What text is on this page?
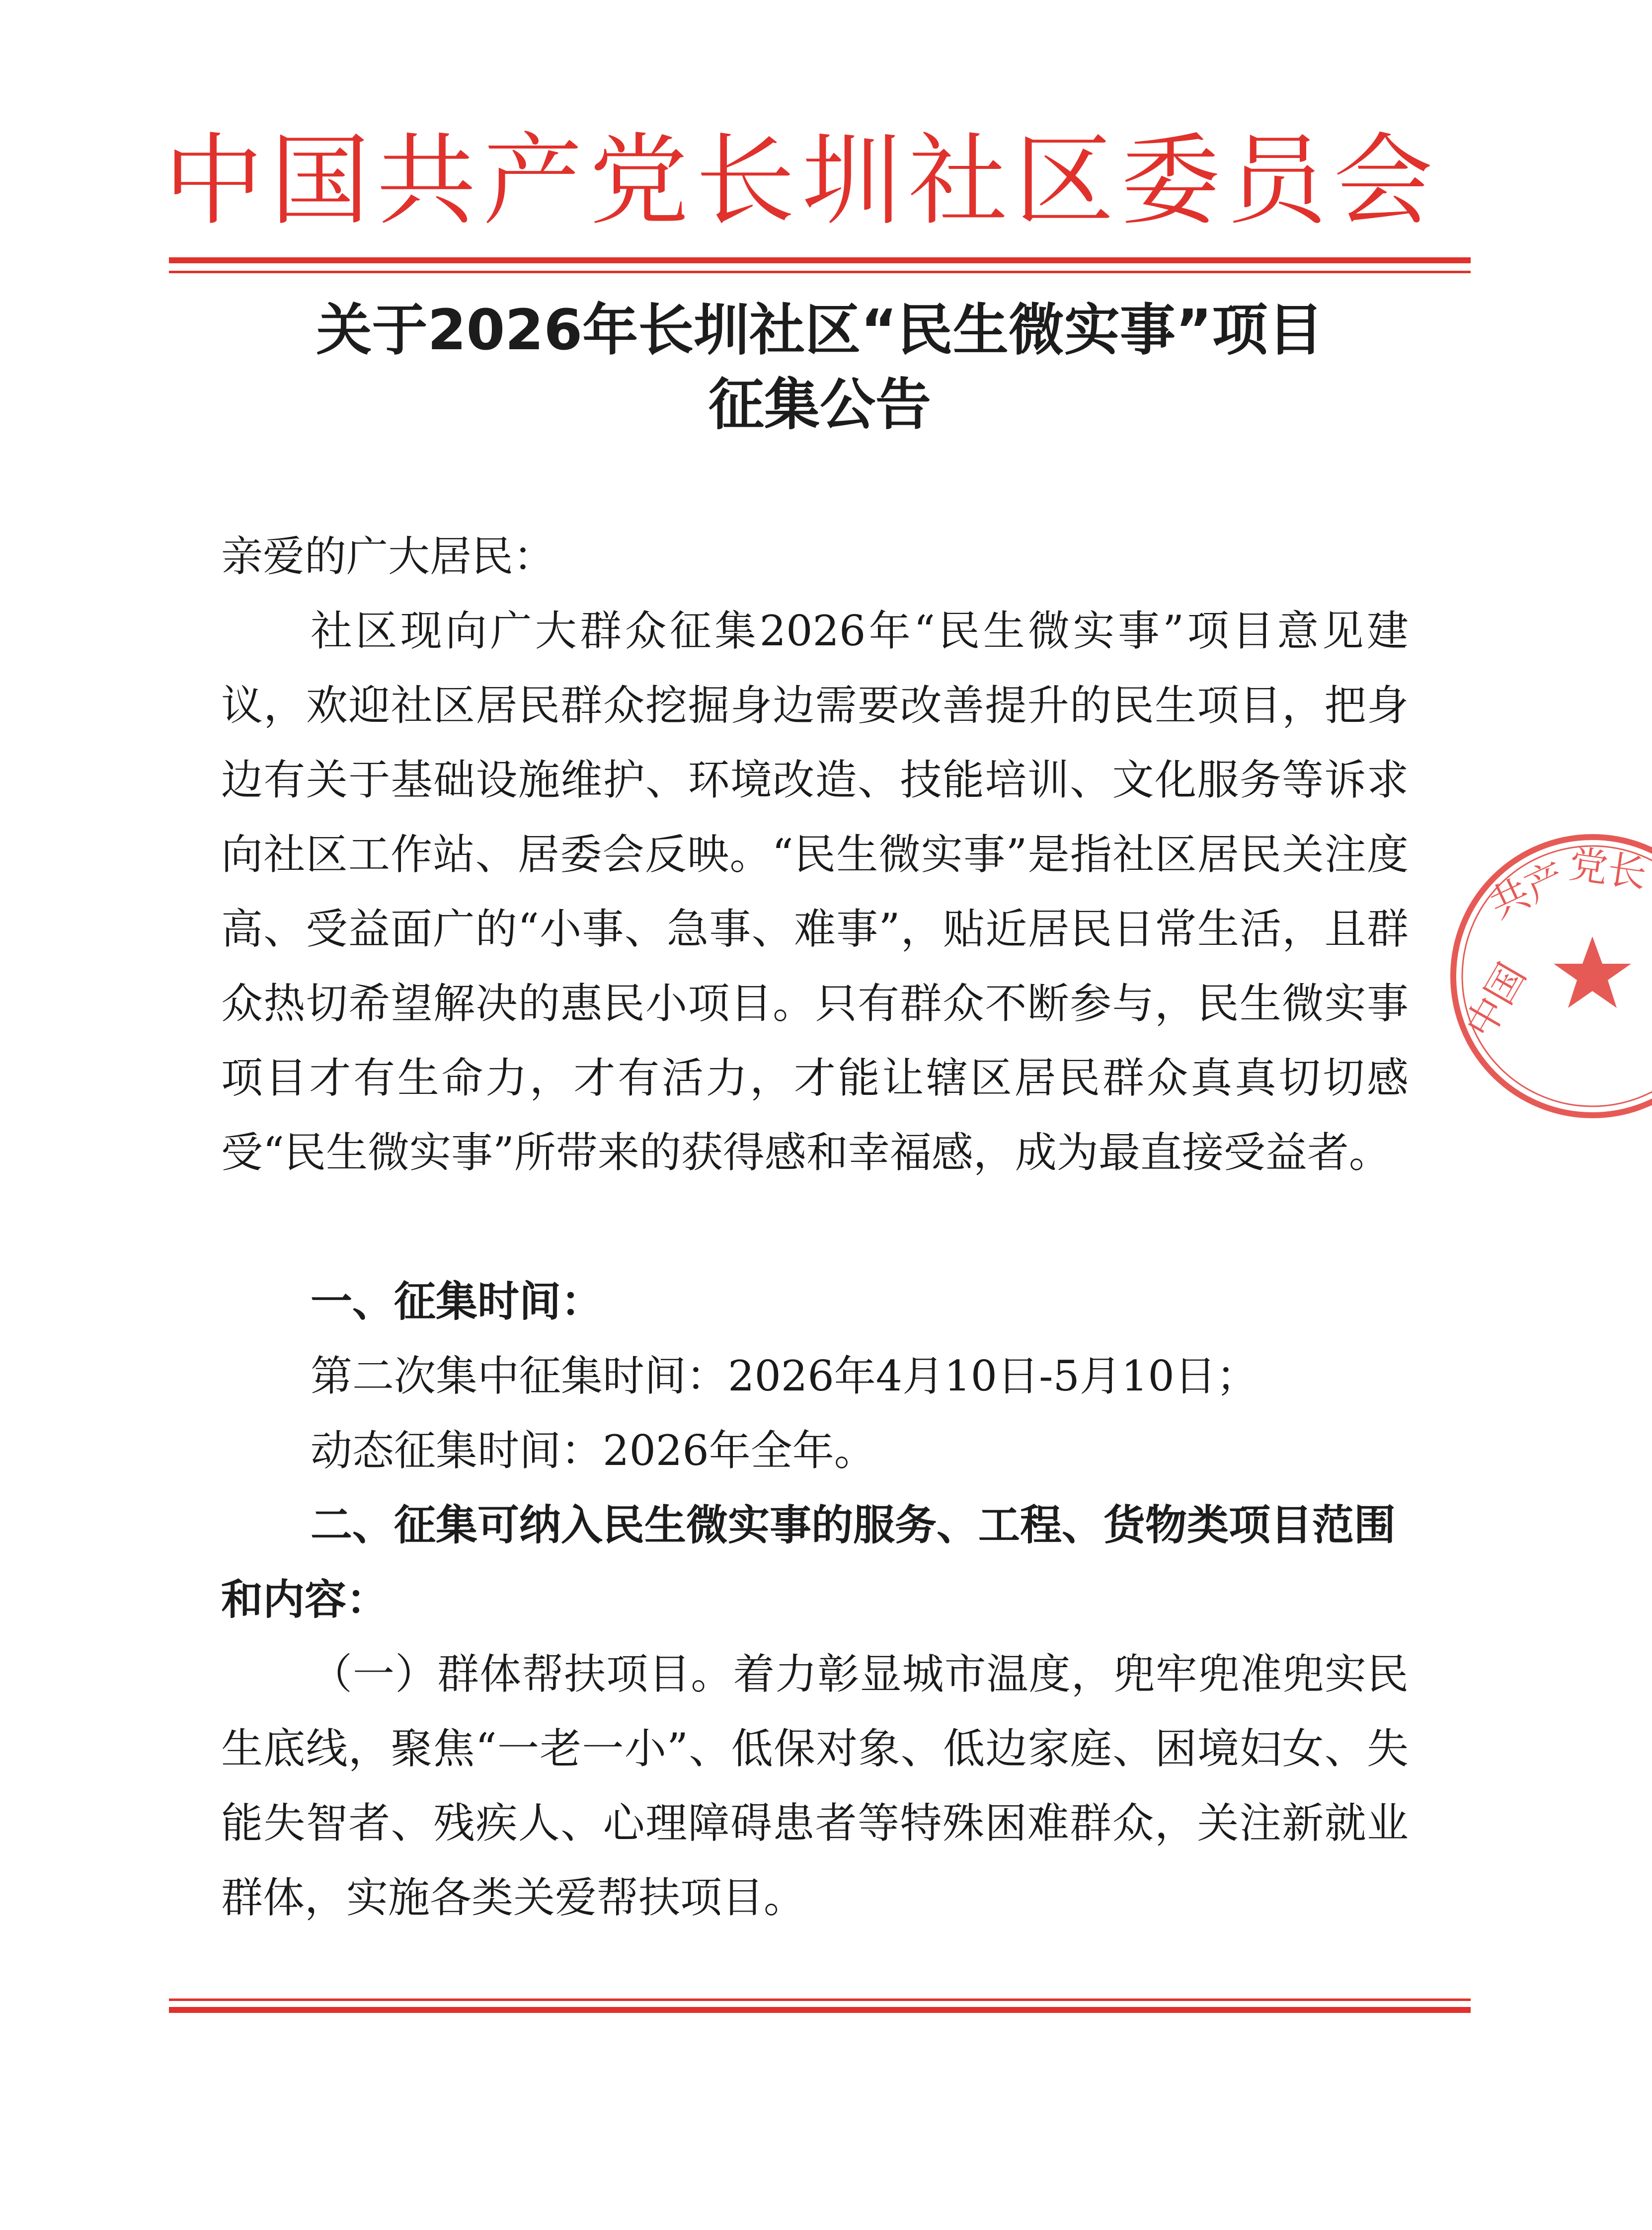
中国共产党长圳社区委员会
关于2026年长圳社区“民生微实事”项目
征集公告
亲爱的广大居民：
社区现向广大群众征集2026年“民生微实事”项目意见建议，欢迎社区居民群众挖掘身边需要改善提升的民生项目，把身边有关于基础设施维护、环境改造、技能培训、文化服务等诉求向社区工作站、居委会反映。“民生微实事”是指社区居民关注度高、受益面广的“小事、急事、难事”，贴近居民日常生活，且群众热切希望解决的惠民小项目。只有群众不断参与，民生微实事项目才有生命力，才有活力，才能让辖区居民群众真真切切感受“民生微实事”所带来的获得感和幸福感，成为最直接受益者。
一、征集时间：
第二次集中征集时间：2026年4月10日-5月10日；
动态征集时间：2026年全年。
二、征集可纳入民生微实事的服务、工程、货物类项目范围和内容：
（一）群体帮扶项目。着力彰显城市温度，兜牢兜准兜实民生底线，聚焦“一老一小”、低保对象、低边家庭、困境妇女、失能失智者、残疾人、心理障碍患者等特殊困难群众，关注新就业群体，实施各类关爱帮扶项目。
中国
共产
党长
